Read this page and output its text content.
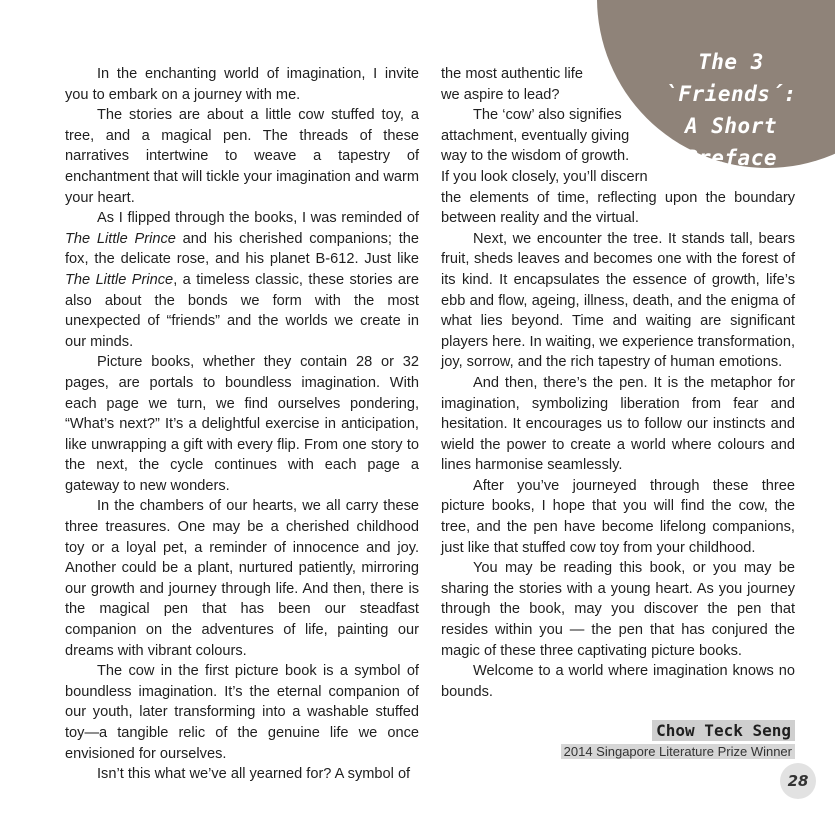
The 3 `Friends´:
A Short Preface

In the enchanting world of imagination, I invite you to embark on a journey with me.

The stories are about a little cow stuffed toy, a tree, and a magical pen. The threads of these narratives intertwine to weave a tapestry of enchantment that will tickle your imagination and warm your heart.

As I flipped through the books, I was reminded of The Little Prince and his cherished companions; the fox, the delicate rose, and his planet B-612. Just like The Little Prince, a timeless classic, these stories are also about the bonds we form with the most unexpected of “friends” and the worlds we create in our minds.

Picture books, whether they contain 28 or 32 pages, are portals to boundless imagination. With each page we turn, we find ourselves pondering, “What’s next?” It’s a delightful exercise in anticipation, like unwrapping a gift with every flip. From one story to the next, the cycle continues with each page a gateway to new wonders.

In the chambers of our hearts, we all carry these three treasures. One may be a cherished childhood toy or a loyal pet, a reminder of innocence and joy. Another could be a plant, nurtured patiently, mirroring our growth and journey through life. And then, there is the magical pen that has been our steadfast companion on the adventures of life, painting our dreams with vibrant colours.

The cow in the first picture book is a symbol of boundless imagination. It’s the eternal companion of our youth, later transforming into a washable stuffed toy—a tangible relic of the genuine life we once envisioned for ourselves.

Isn’t this what we’ve all yearned for? A symbol of

the most authentic life
we aspire to lead?

The ‘cow’ also signifies
attachment, eventually giving
way to the wisdom of growth.
If you look closely, you’ll discern

the elements of time, reflecting upon the boundary between reality and the virtual.

Next, we encounter the tree. It stands tall, bears fruit, sheds leaves and becomes one with the forest of its kind. It encapsulates the essence of growth, life’s ebb and flow, ageing, illness, death, and the enigma of what lies beyond. Time and waiting are significant players here. In waiting, we experience transformation, joy, sorrow, and the rich tapestry of human emotions.

And then, there’s the pen. It is the metaphor for imagination, symbolizing liberation from fear and hesitation. It encourages us to follow our instincts and wield the power to create a world where colours and lines harmonise seamlessly.

After you’ve journeyed through these three picture books, I hope that you will find the cow, the tree, and the pen have become lifelong companions, just like that stuffed cow toy from your childhood.

You may be reading this book, or you may be sharing the stories with a young heart. As you journey through the book, may you discover the pen that resides within you — the pen that has conjured the magic of these three captivating picture books.

Welcome to a world where imagination knows no bounds.

Chow Teck Seng
2014 Singapore Literature Prize Winner
28
